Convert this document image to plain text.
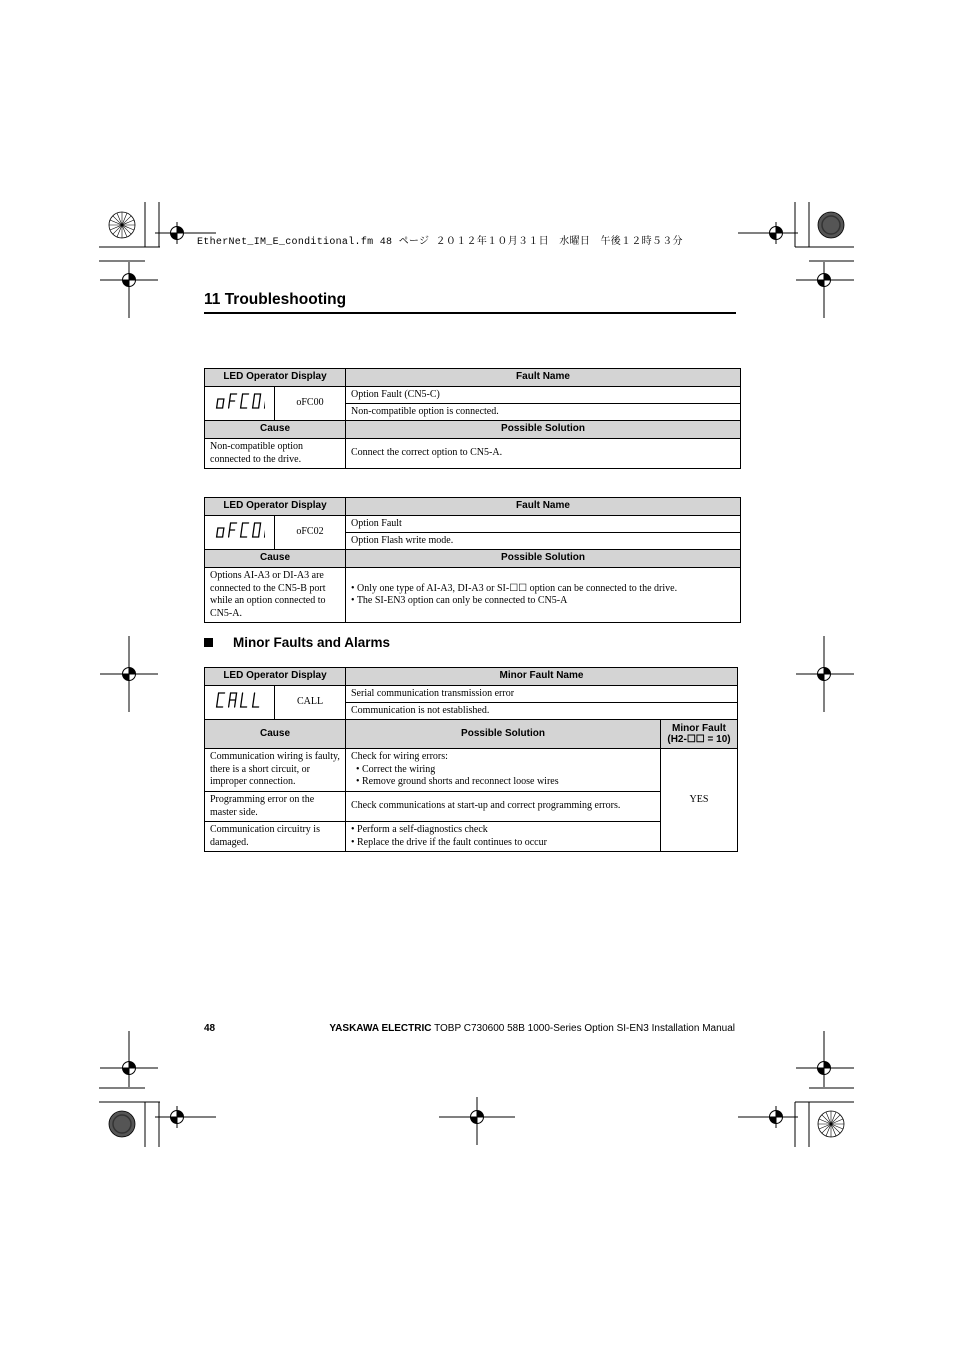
EtherNet_IM_E_conditional.fm 48 ページ ２０１２年１０月３１日　水曜日　午後１２時５３分
11 Troubleshooting
LED Operator Display		Fault Name
	oFC00	Option Fault (CN5-C)
		Non-compatible option is connected.
Cause		Possible Solution
Non-compatible option connected to the drive.		Connect the correct option to CN5-A.
LED Operator Display		Fault Name
	oFC02	Option Fault
		Option Flash write mode.
Cause		Possible Solution
Options AI-A3 or DI-A3 are connected to the CN5-B port while an option connected to CN5-A.		• Only one type of AI-A3, DI-A3 or SI-☐☐ option can be connected to the drive.
• The SI-EN3 option can only be connected to CN5-A
Minor Faults and Alarms
LED Operator Display		Minor Fault Name	
	CALL	Serial communication transmission error	
		Communication is not established.	
Cause		Possible Solution	Minor Fault
(H2-☐☐ = 10)

Communication wiring is faulty, there is a short circuit, or improper connection.		Check for wiring errors:
• Correct the wiring
• Remove ground shorts and reconnect loose wires	YES
Programming error on the master side.		Check communications at start-up and correct programming errors.	
Communication circuitry is damaged.		• Perform a self-diagnostics check
• Replace the drive if the fault continues to occur	
48	YASKAWA ELECTRIC TOBP C730600 58B 1000-Series Option SI-EN3 Installation Manual
